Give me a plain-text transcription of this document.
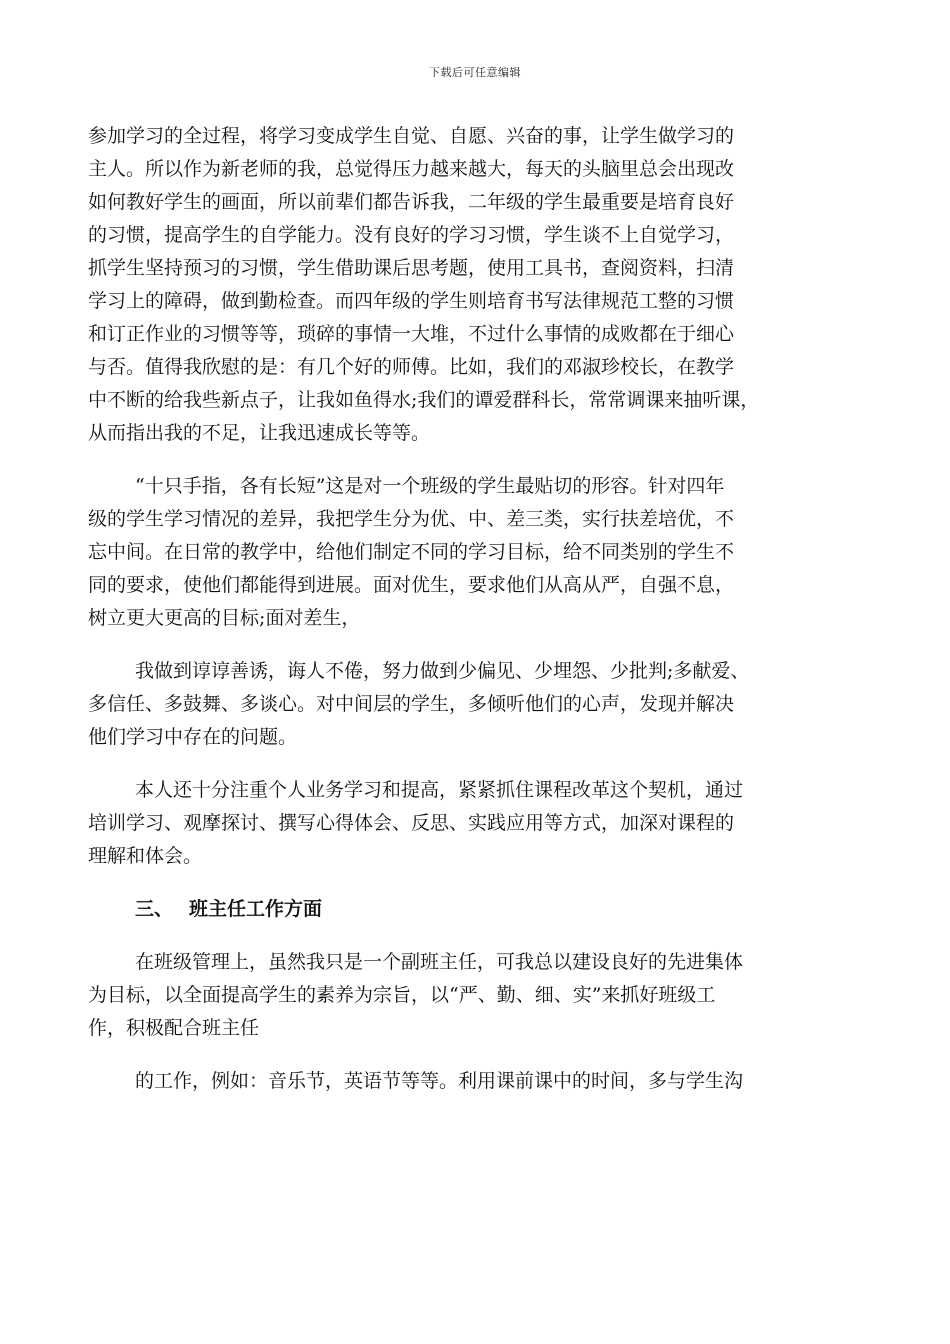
下载后可任意编辑
参加学习的全过程，将学习变成学生自觉、自愿、兴奋的事，让学生做学习的
主人。所以作为新老师的我，总觉得压力越来越大，每天的头脑里总会出现改
如何教好学生的画面，所以前辈们都告诉我，二年级的学生最重要是培育良好
的习惯，提高学生的自学能力。没有良好的学习习惯，学生谈不上自觉学习，
抓学生坚持预习的习惯，学生借助课后思考题，使用工具书，查阅资料，扫清
学习上的障碍，做到勤检查。而四年级的学生则培育书写法律规范工整的习惯
和订正作业的习惯等等，琐碎的事情一大堆，不过什么事情的成败都在于细心
与否。值得我欣慰的是：有几个好的师傅。比如，我们的邓淑珍校长，在教学
中不断的给我些新点子，让我如鱼得水;我们的谭爱群科长，常常调课来抽听课，
从而指出我的不足，让我迅速成长等等。
“十只手指，各有长短”这是对一个班级的学生最贴切的形容。针对四年
级的学生学习情况的差异，我把学生分为优、中、差三类，实行扶差培优，不
忘中间。在日常的教学中，给他们制定不同的学习目标，给不同类别的学生不
同的要求，使他们都能得到进展。面对优生，要求他们从高从严，自强不息，
树立更大更高的目标;面对差生，
我做到谆谆善诱，诲人不倦，努力做到少偏见、少埋怨、少批判;多献爱、
多信任、多鼓舞、多谈心。对中间层的学生，多倾听他们的心声，发现并解决
他们学习中存在的问题。
本人还十分注重个人业务学习和提高，紧紧抓住课程改革这个契机，通过
培训学习、观摩探讨、撰写心得体会、反思、实践应用等方式，加深对课程的
理解和体会。
三、 班主任工作方面
在班级管理上，虽然我只是一个副班主任，可我总以建设良好的先进集体
为目标，以全面提高学生的素养为宗旨，以“严、勤、细、实”来抓好班级工
作，积极配合班主任
的工作，例如：音乐节，英语节等等。利用课前课中的时间，多与学生沟
